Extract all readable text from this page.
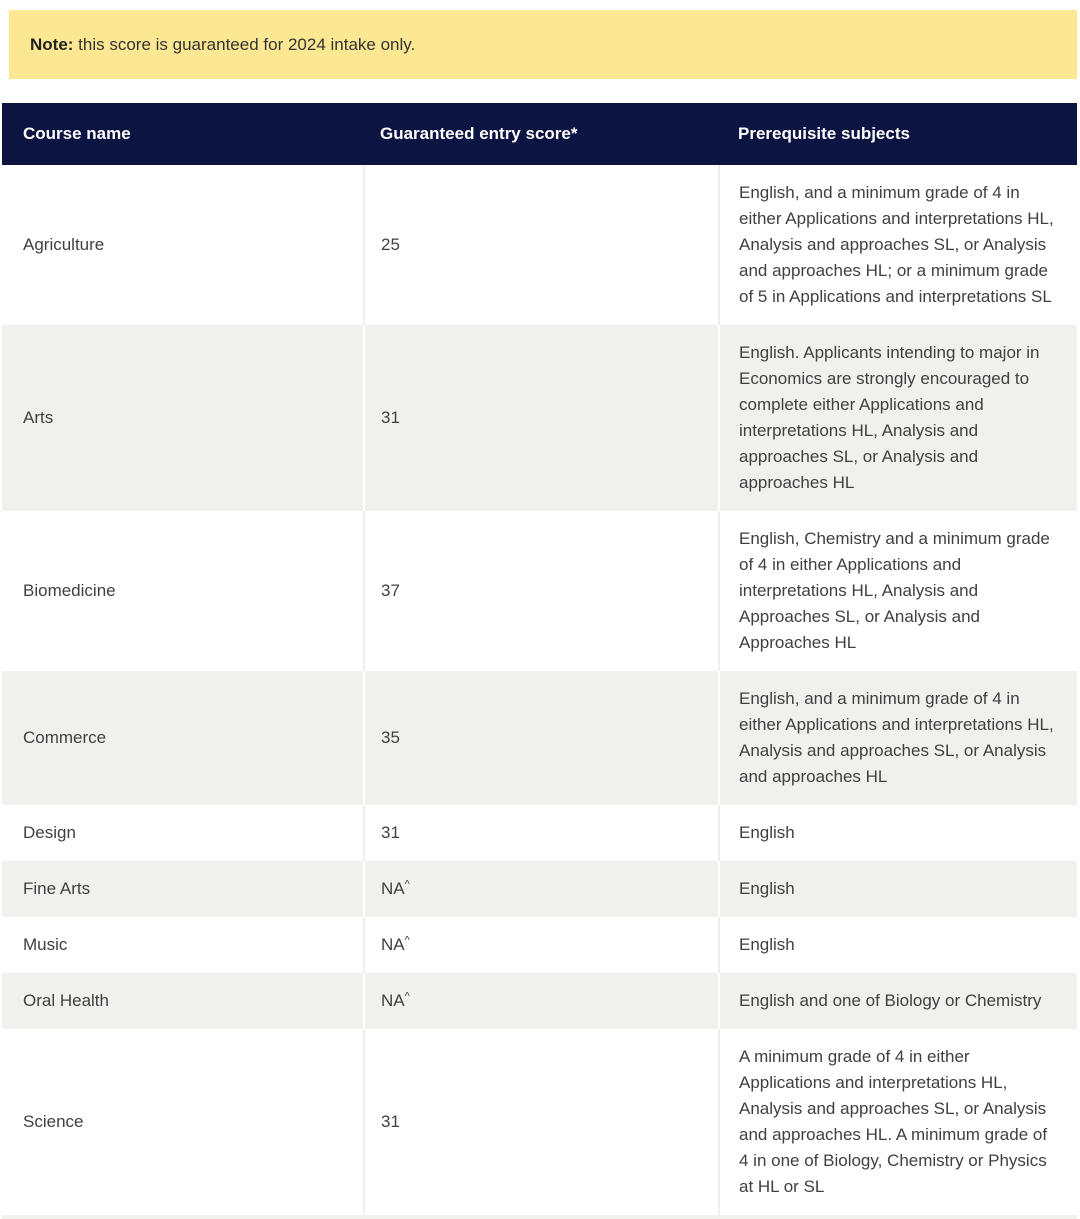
Note: this score is guaranteed for 2024 intake only.

Course name	Guaranteed entry score*	Prerequisite subjects
Agriculture	25	English, and a minimum grade of 4 in either Applications and interpretations HL, Analysis and approaches SL, or Analysis and approaches HL; or a minimum grade of 5 in Applications and interpretations SL
Arts	31	English. Applicants intending to major in Economics are strongly encouraged to complete either Applications and interpretations HL, Analysis and approaches SL, or Analysis and approaches HL
Biomedicine	37	English, Chemistry and a minimum grade of 4 in either Applications and interpretations HL, Analysis and Approaches SL, or Analysis and Approaches HL
Commerce	35	English, and a minimum grade of 4 in either Applications and interpretations HL, Analysis and approaches SL, or Analysis and approaches HL
Design	31	English
Fine Arts	NA^	English
Music	NA^	English
Oral Health	NA^	English and one of Biology or Chemistry
Science	31	A minimum grade of 4 in either Applications and interpretations HL, Analysis and approaches SL, or Analysis and approaches HL. A minimum grade of 4 in one of Biology, Chemistry or Physics at HL or SL
